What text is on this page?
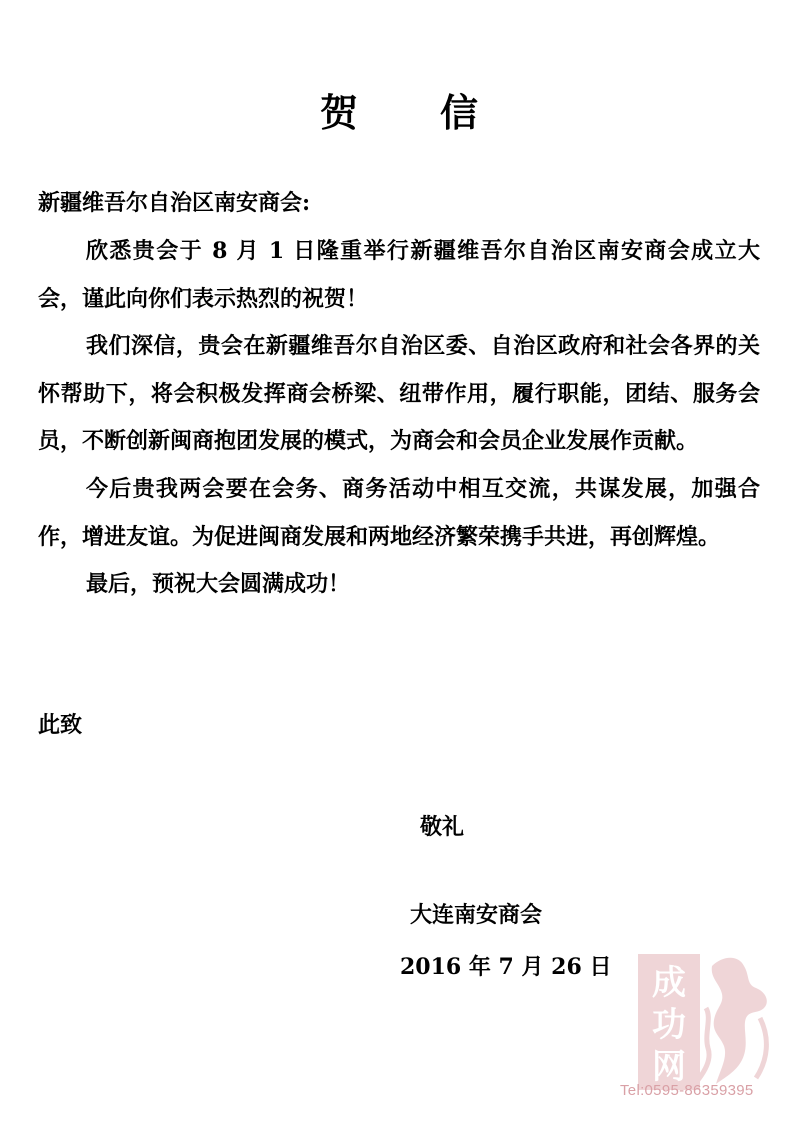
贺 信
新疆维吾尔自治区南安商会:

欣悉贵会于 8 月 1 日隆重举行新疆维吾尔自治区南安商会成立大会，谨此向你们表示热烈的祝贺！

我们深信，贵会在新疆维吾尔自治区委、自治区政府和社会各界的关怀帮助下，将会积极发挥商会桥梁、纽带作用，履行职能，团结、服务会员，不断创新闽商抱团发展的模式，为商会和会员企业发展作贡献。

今后贵我两会要在会务、商务活动中相互交流，共谋发展，加强合作，增进友谊。为促进闽商发展和两地经济繁荣携手共进，再创辉煌。

最后，预祝大会圆满成功！

此致
敬礼
大连南安商会
2016 年 7 月 26 日 成
功
网
Tel:0595-86359395
